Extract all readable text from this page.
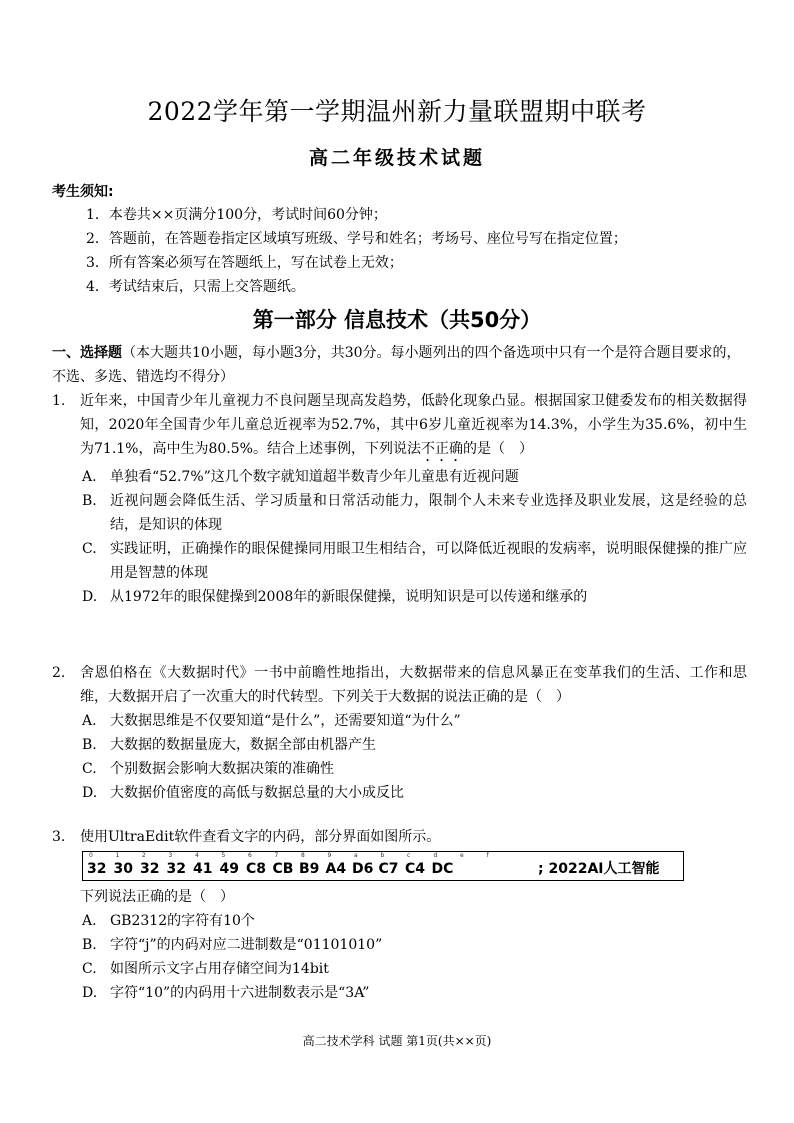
2022学年第一学期温州新力量联盟期中联考
高二年级技术试题
考生须知:
1．本卷共××页满分100分，考试时间60分钟；
2．答题前，在答题卷指定区域填写班级、学号和姓名；考场号、座位号写在指定位置；
3．所有答案必须写在答题纸上，写在试卷上无效；
4．考试结束后，只需上交答题纸。
第一部分 信息技术（共50分）
一、选择题（本大题共10小题，每小题3分，共30分。每小题列出的四个备选项中只有一个是符合题目要求的，不选、多选、错选均不得分）
1.	近年来，中国青少年儿童视力不良问题呈现高发趋势，低龄化现象凸显。根据国家卫健委发布的相关数据得知，2020年全国青少年儿童总近视率为52.7%，其中6岁儿童近视率为14.3%，小学生为35.6%，初中生为71.1%，高中生为80.5%。结合上述事例，下列说法不正确的是（　）
A. 单独看“52.7%”这几个数字就知道超半数青少年儿童患有近视问题
B. 近视问题会降低生活、学习质量和日常活动能力，限制个人未来专业选择及职业发展，这是经验的总结，是知识的体现
C. 实践证明，正确操作的眼保健操同用眼卫生相结合，可以降低近视眼的发病率，说明眼保健操的推广应用是智慧的体现
D. 从1972年的眼保健操到2008年的新眼保健操，说明知识是可以传递和继承的
2.	舍恩伯格在《大数据时代》一书中前瞻性地指出，大数据带来的信息风暴正在变革我们的生活、工作和思维，大数据开启了一次重大的时代转型。下列关于大数据的说法正确的是（　）
A. 大数据思维是不仅要知道“是什么”，还需要知道“为什么”
B. 大数据的数据量庞大，数据全部由机器产生
C. 个别数据会影响大数据决策的准确性
D. 大数据价值密度的高低与数据总量的大小成反比
3.	使用UltraEdit软件查看文字的内码，部分界面如图所示。
0	1	2	3	4	5	6	7	8	9	a	b	c	d	e	f
32 30 32 32 41 49 C8 CB B9 A4 D6 C7 C4 DC	; 2022AI人工智能
下列说法正确的是（　）
A. GB2312的字符有10个
B. 字符“j”的内码对应二进制数是“01101010”
C. 如图所示文字占用存储空间为14bit
D. 字符“10”的内码用十六进制数表示是“3A”
高二技术学科 试题 第1页(共××页)
